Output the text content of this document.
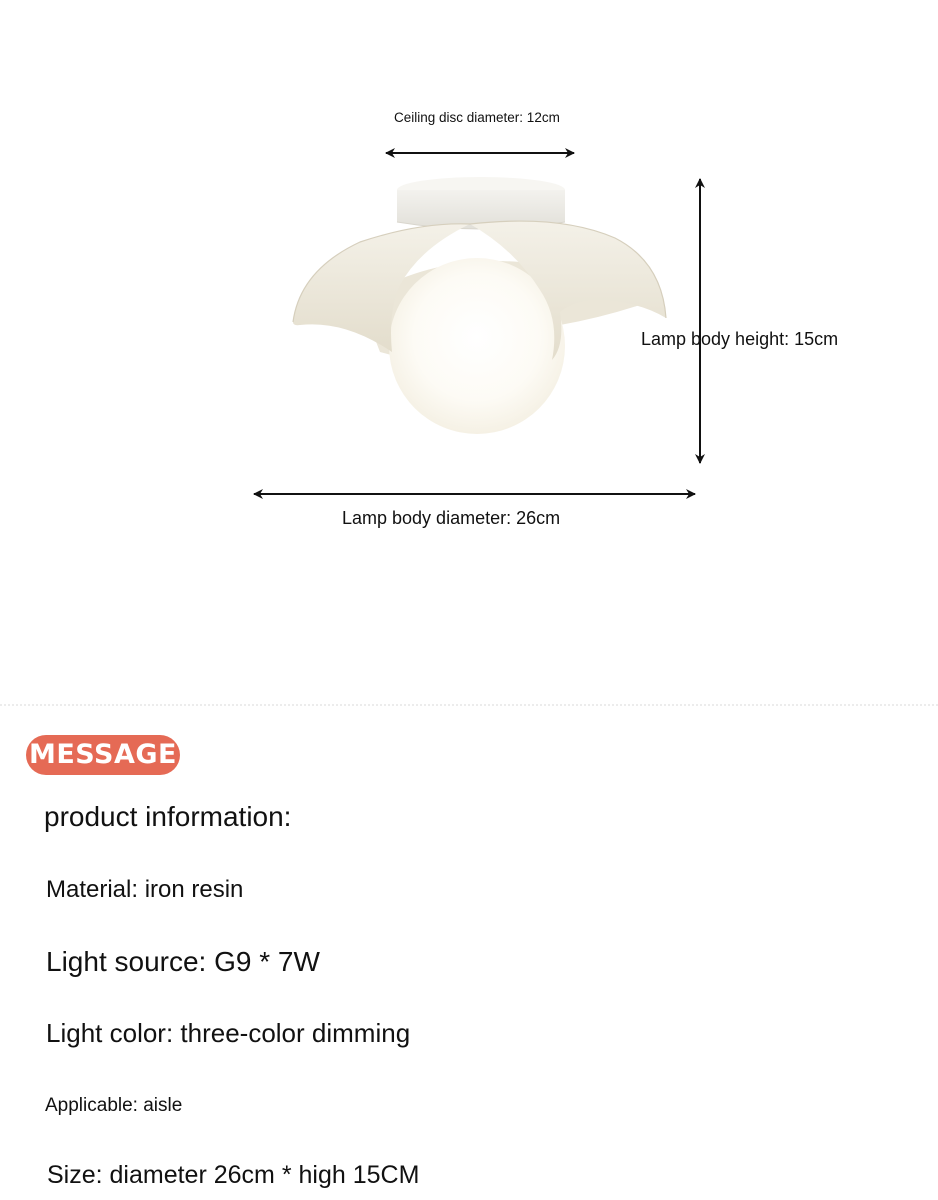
Ceiling disc diameter: 12cm
Lamp body height: 15cm
Lamp body diameter: 26cm
MESSAGE
product information:
Material: iron resin
Light source: G9 * 7W
Light color: three-color dimming
Applicable: aisle
Size: diameter 26cm * high 15CM
